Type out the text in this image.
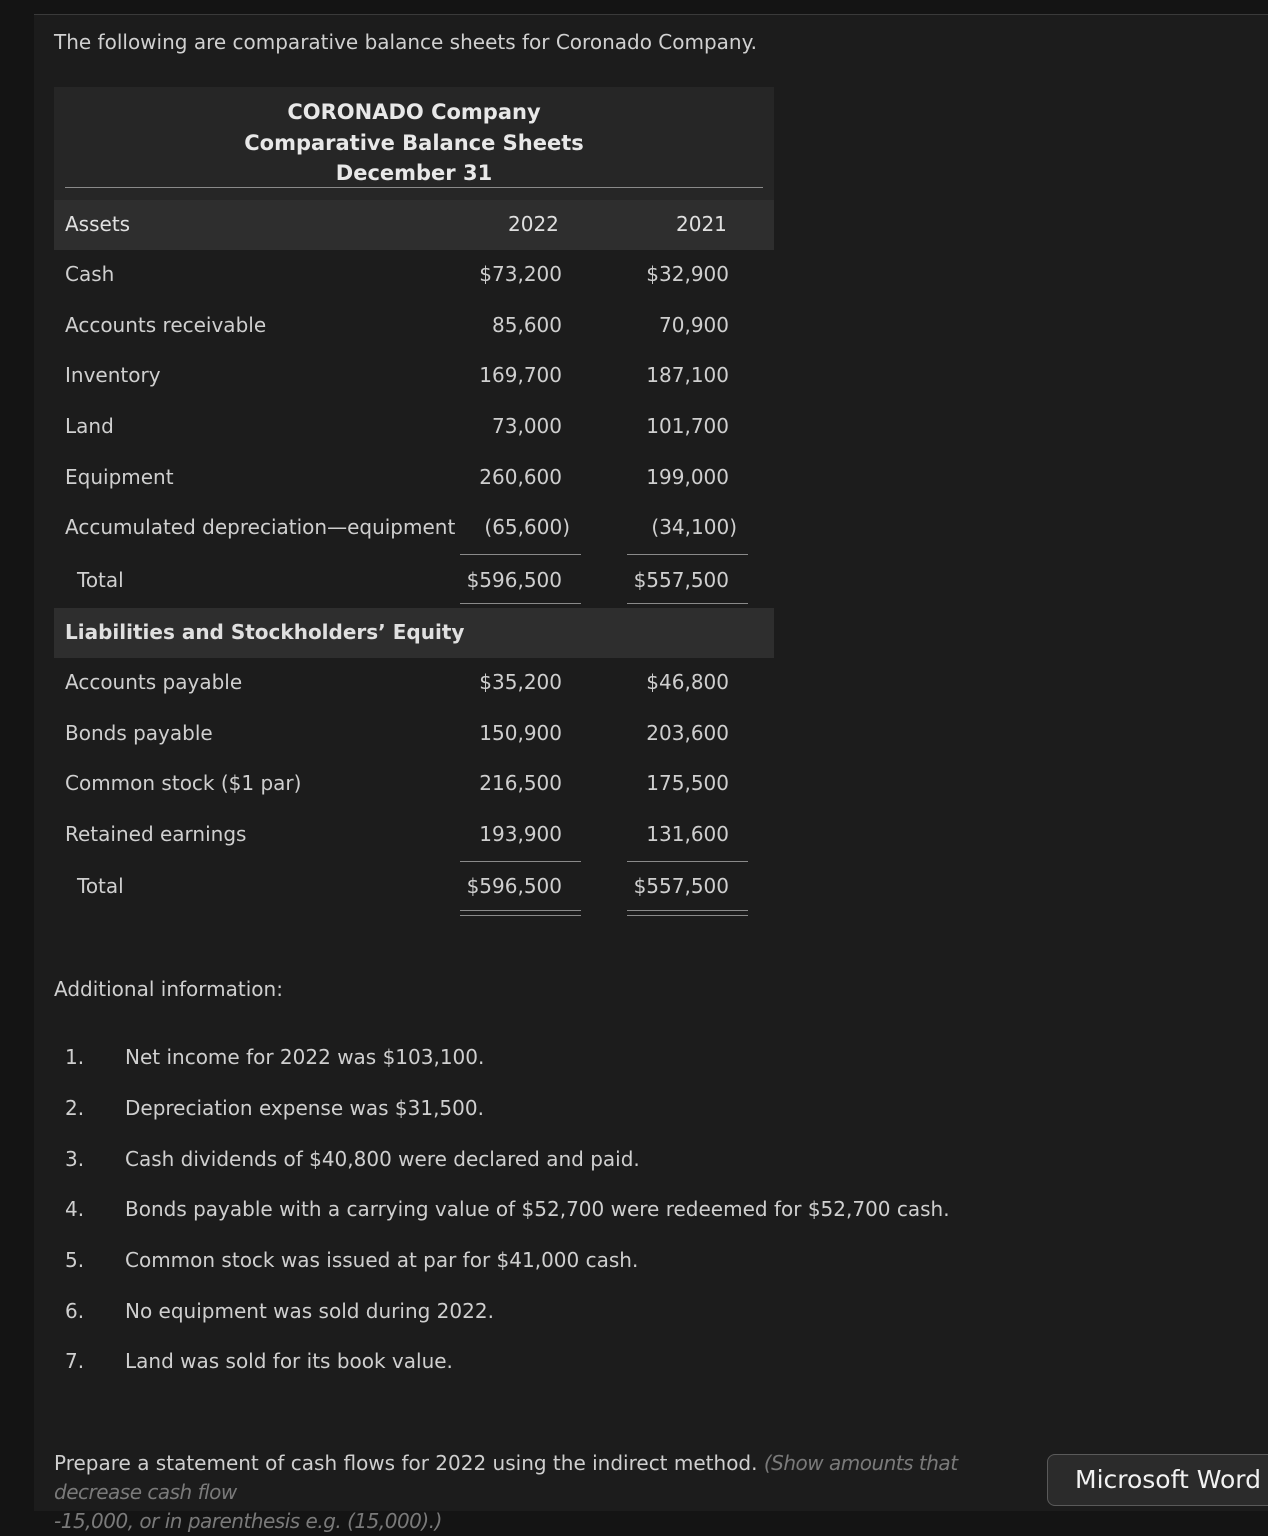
The following are comparative balance sheets for Coronado Company.
CORONADO Company
Comparative Balance Sheets
December 31
Assets	2022	2021
Cash	$73,200	$32,900
Accounts receivable	85,600	70,900
Inventory	169,700	187,100
Land	73,000	101,700
Equipment	260,600	199,000
Accumulated depreciation—equipment (65,600)	(34,100)
Total	$596,500	$557,500
Liabilities and Stockholders’ Equity
Accounts payable	$35,200	$46,800
Bonds payable	150,900	203,600
Common stock ($1 par)	216,500	175,500
Retained earnings	193,900	131,600
Total	$596,500	$557,500
Additional information:
1. Net income for 2022 was $103,100.
2. Depreciation expense was $31,500.
3. Cash dividends of $40,800 were declared and paid.
4. Bonds payable with a carrying value of $52,700 were redeemed for $52,700 cash.
5. Common stock was issued at par for $41,000 cash.
6. No equipment was sold during 2022.
7. Land was sold for its book value.
Prepare a statement of cash flows for 2022 using the indirect method. (Show amounts that decrease cash flow
-15,000, or in parenthesis e.g. (15,000).)
Microsoft Word
